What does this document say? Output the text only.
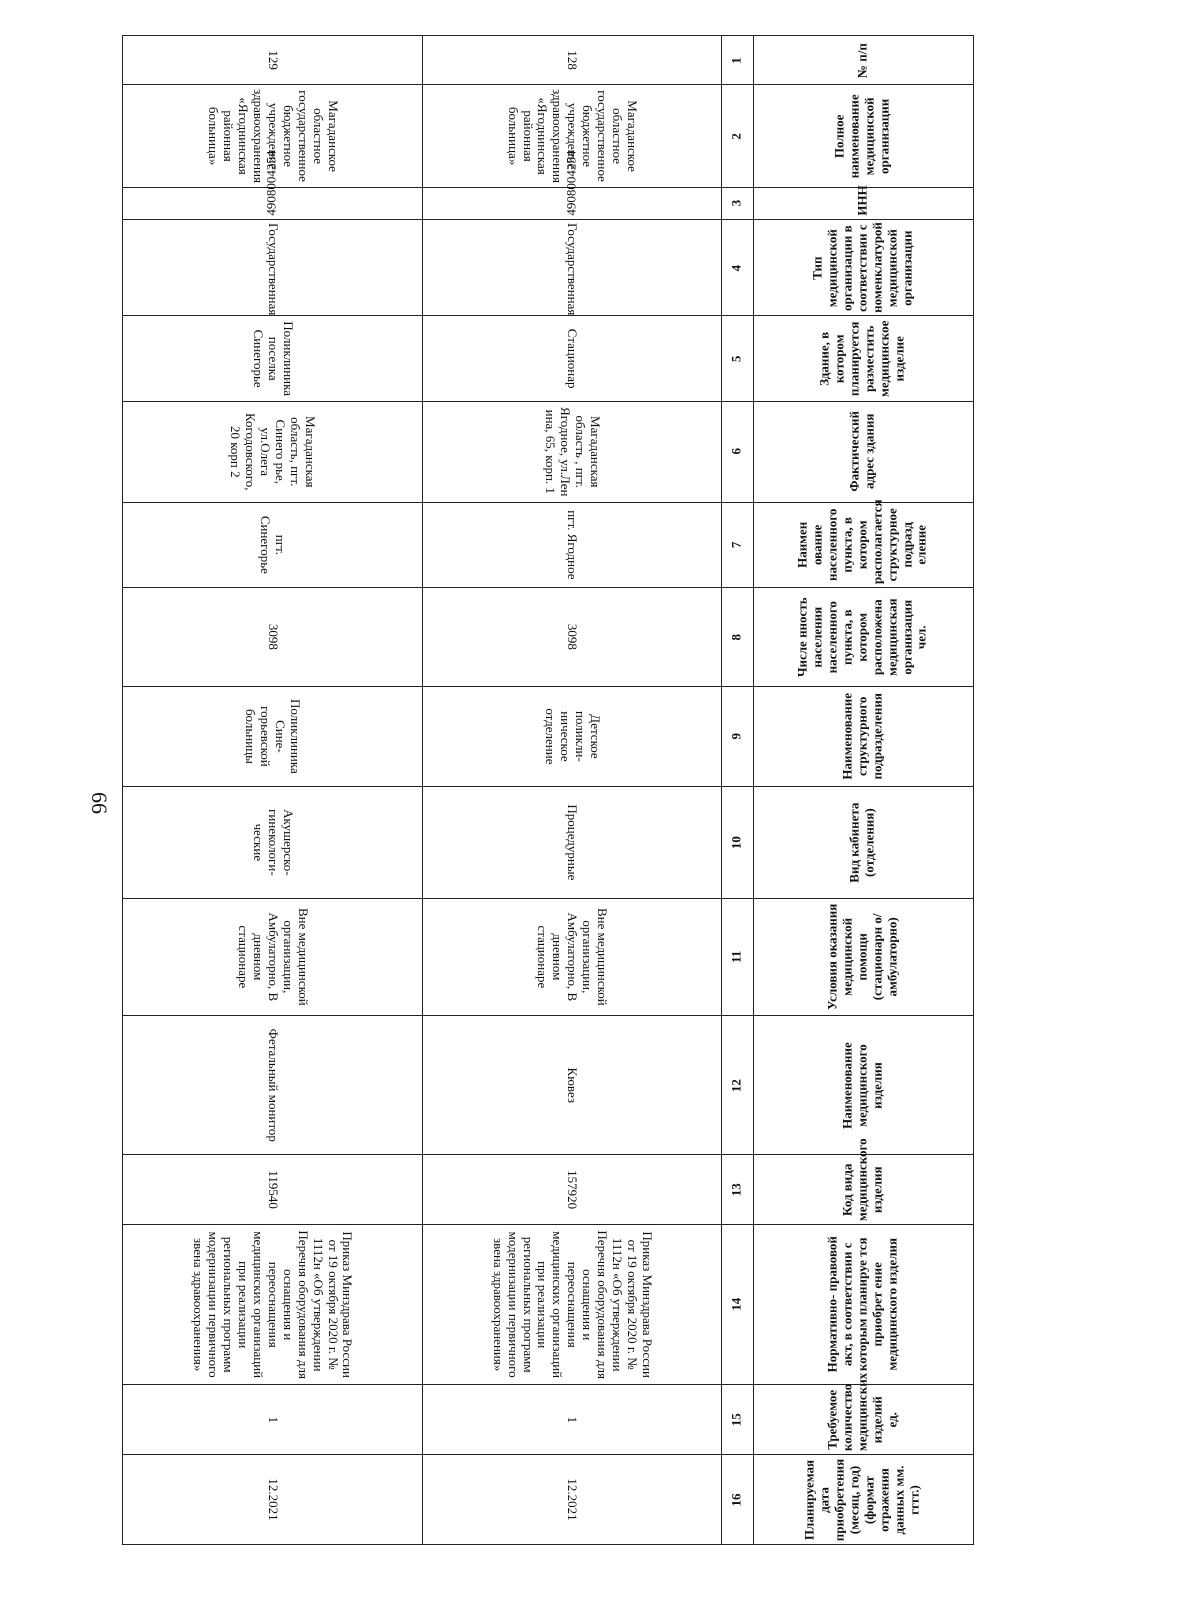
66
№ п/п	Полное наименование медицинской организации	ИНН	Тип медицинской организации в соответствии с номенклатурой медицинской организации	Здание, в котором планируется разместить медицинское изделие	Фактический адрес здания	Наимен ование населенного пункта, в котором располагается структурное подразд еление	Числе нность населения населенного пункта, в котором расположена медицинская организация чел.	Наименование структурного подразделения	Вид кабинета (отделения)	Условия оказания медицинской помощи (стационарн о/амбулаторно)	Наименование медицинского изделия	Код вида медицинского изделия	Нормативно- правовой акт, в соответствии с которым планируе тся приобрет ение медицинского изделия	Требуемое количество медицинских изделий ед.	Планируемая дата приобретения (месяц, год) (формат отражения данных мм. гггг.)
1	2	3	4	5	6	7	8	9	10	11	12	13	14	15	16
128	Магаданское областное государственное бюджетное учреждение здравоохранения «Ягоднинская районная больница»	4908004254	Государственная	Стационар	Магаданская область , пгт. Ягодное, ул.Лен ина, 65, корп. 1	пгт. Ягодное	3098	Детское поликли- ническое отделение	Процедурные	Вне медицинской организации, Амбулаторно, В дневном стационаре	Кювез	157920	Приказ Минздрава России от 19 октября 2020 г. № 1112н «Об утверждении Перечня оборудования для оснащения и переоснащения медицинских организаций при реализации региональных программ модернизации первичного звена здравоохранения»	1	12.2021
129	Магаданское областное государственное бюджетное учреждение здравоохранения «Ягоднинская районная больница»	4908004254	Государственная	Поликлиника поселка Синегорье	Магаданская область, пгт. Синего рье, ул.Олега Когодовского, 20 корп 2	пгт. Синегорье	3098	Поликлиника Сине- горьевской больницы	Акушерско- гинекологи- ческие	Вне медицинской организации, Амбулаторно, В дневном стационаре	Фетальный монитор	119540	Приказ Минздрава России от 19 октября 2020 г. № 1112н «Об утверждении Перечня оборудования для оснащения и переоснащения медицинских организаций при реализации региональных программ модернизации первичного звена здравоохранения»	1	12.2021
